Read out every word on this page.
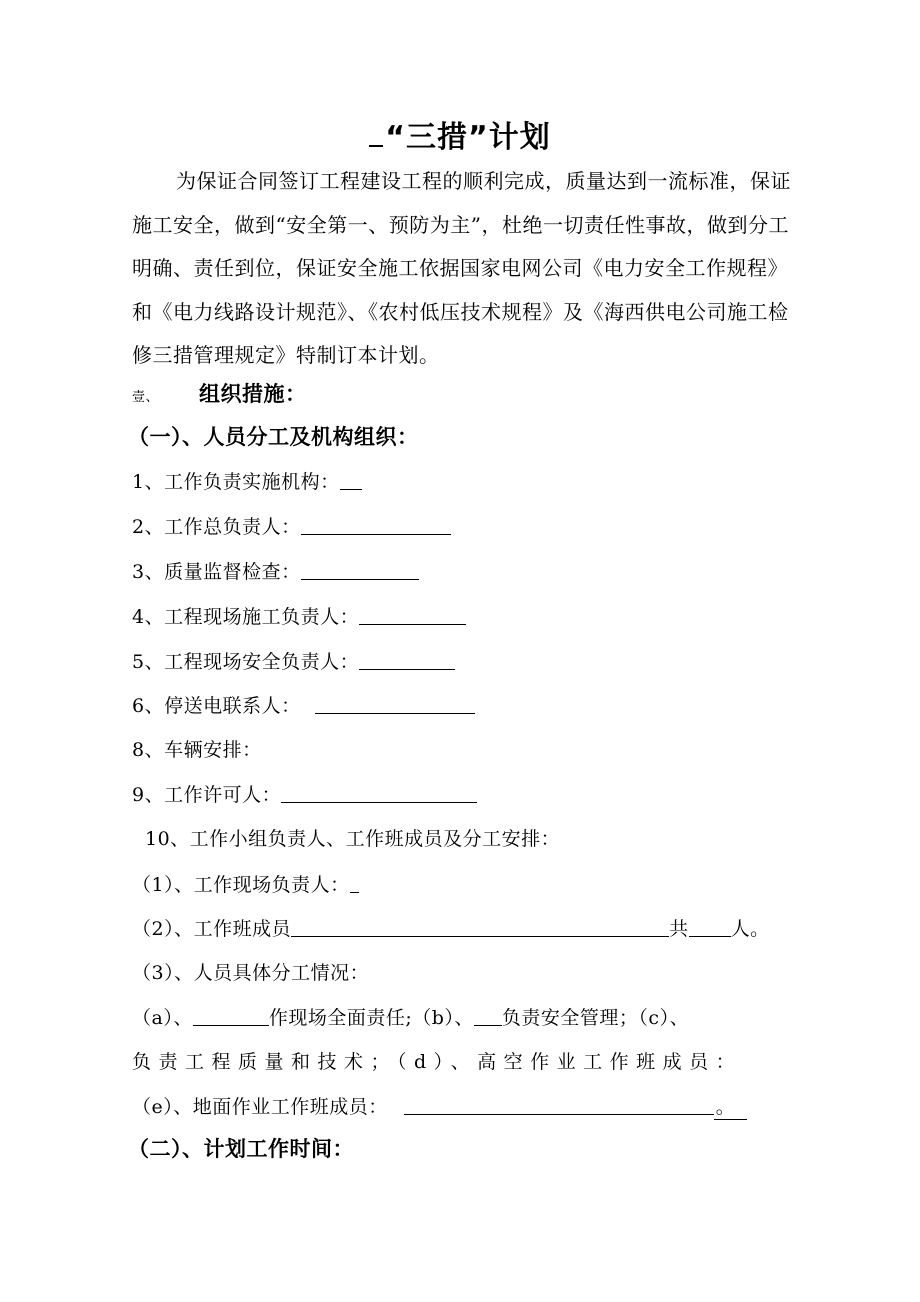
“三措”计划
为保证合同签订工程建设工程的顺利完成，质量达到一流标准，保证施工安全，做到“安全第一、预防为主”，杜绝一切责任性事故，做到分工明确、责任到位，保证安全施工依据国家电网公司《电力安全工作规程》和《电力线路设计规范》、《农村低压技术规程》及《海西供电公司施工检修三措管理规定》特制订本计划。
壹、 组织措施：
（一）、人员分工及机构组织：
1、工作负责实施机构：
2、工作总负责人：
3、质量监督检查：
4、工程现场施工负责人：
5、工程现场安全负责人：
6、停送电联系人：
8、车辆安排：
9、工作许可人：
10、工作小组负责人、工作班成员及分工安排：
（1）、工作现场负责人：
（2）、工作班成员	共 人。
（3）、人员具体分工情况：
（a）、	作现场全面责任;（b）、 负责安全管理；（c）、
负责工程质量和技术；（d）、高空作业工作班成员：
（e）、地面作业工作班成员：	。
（二）、计划工作时间：
